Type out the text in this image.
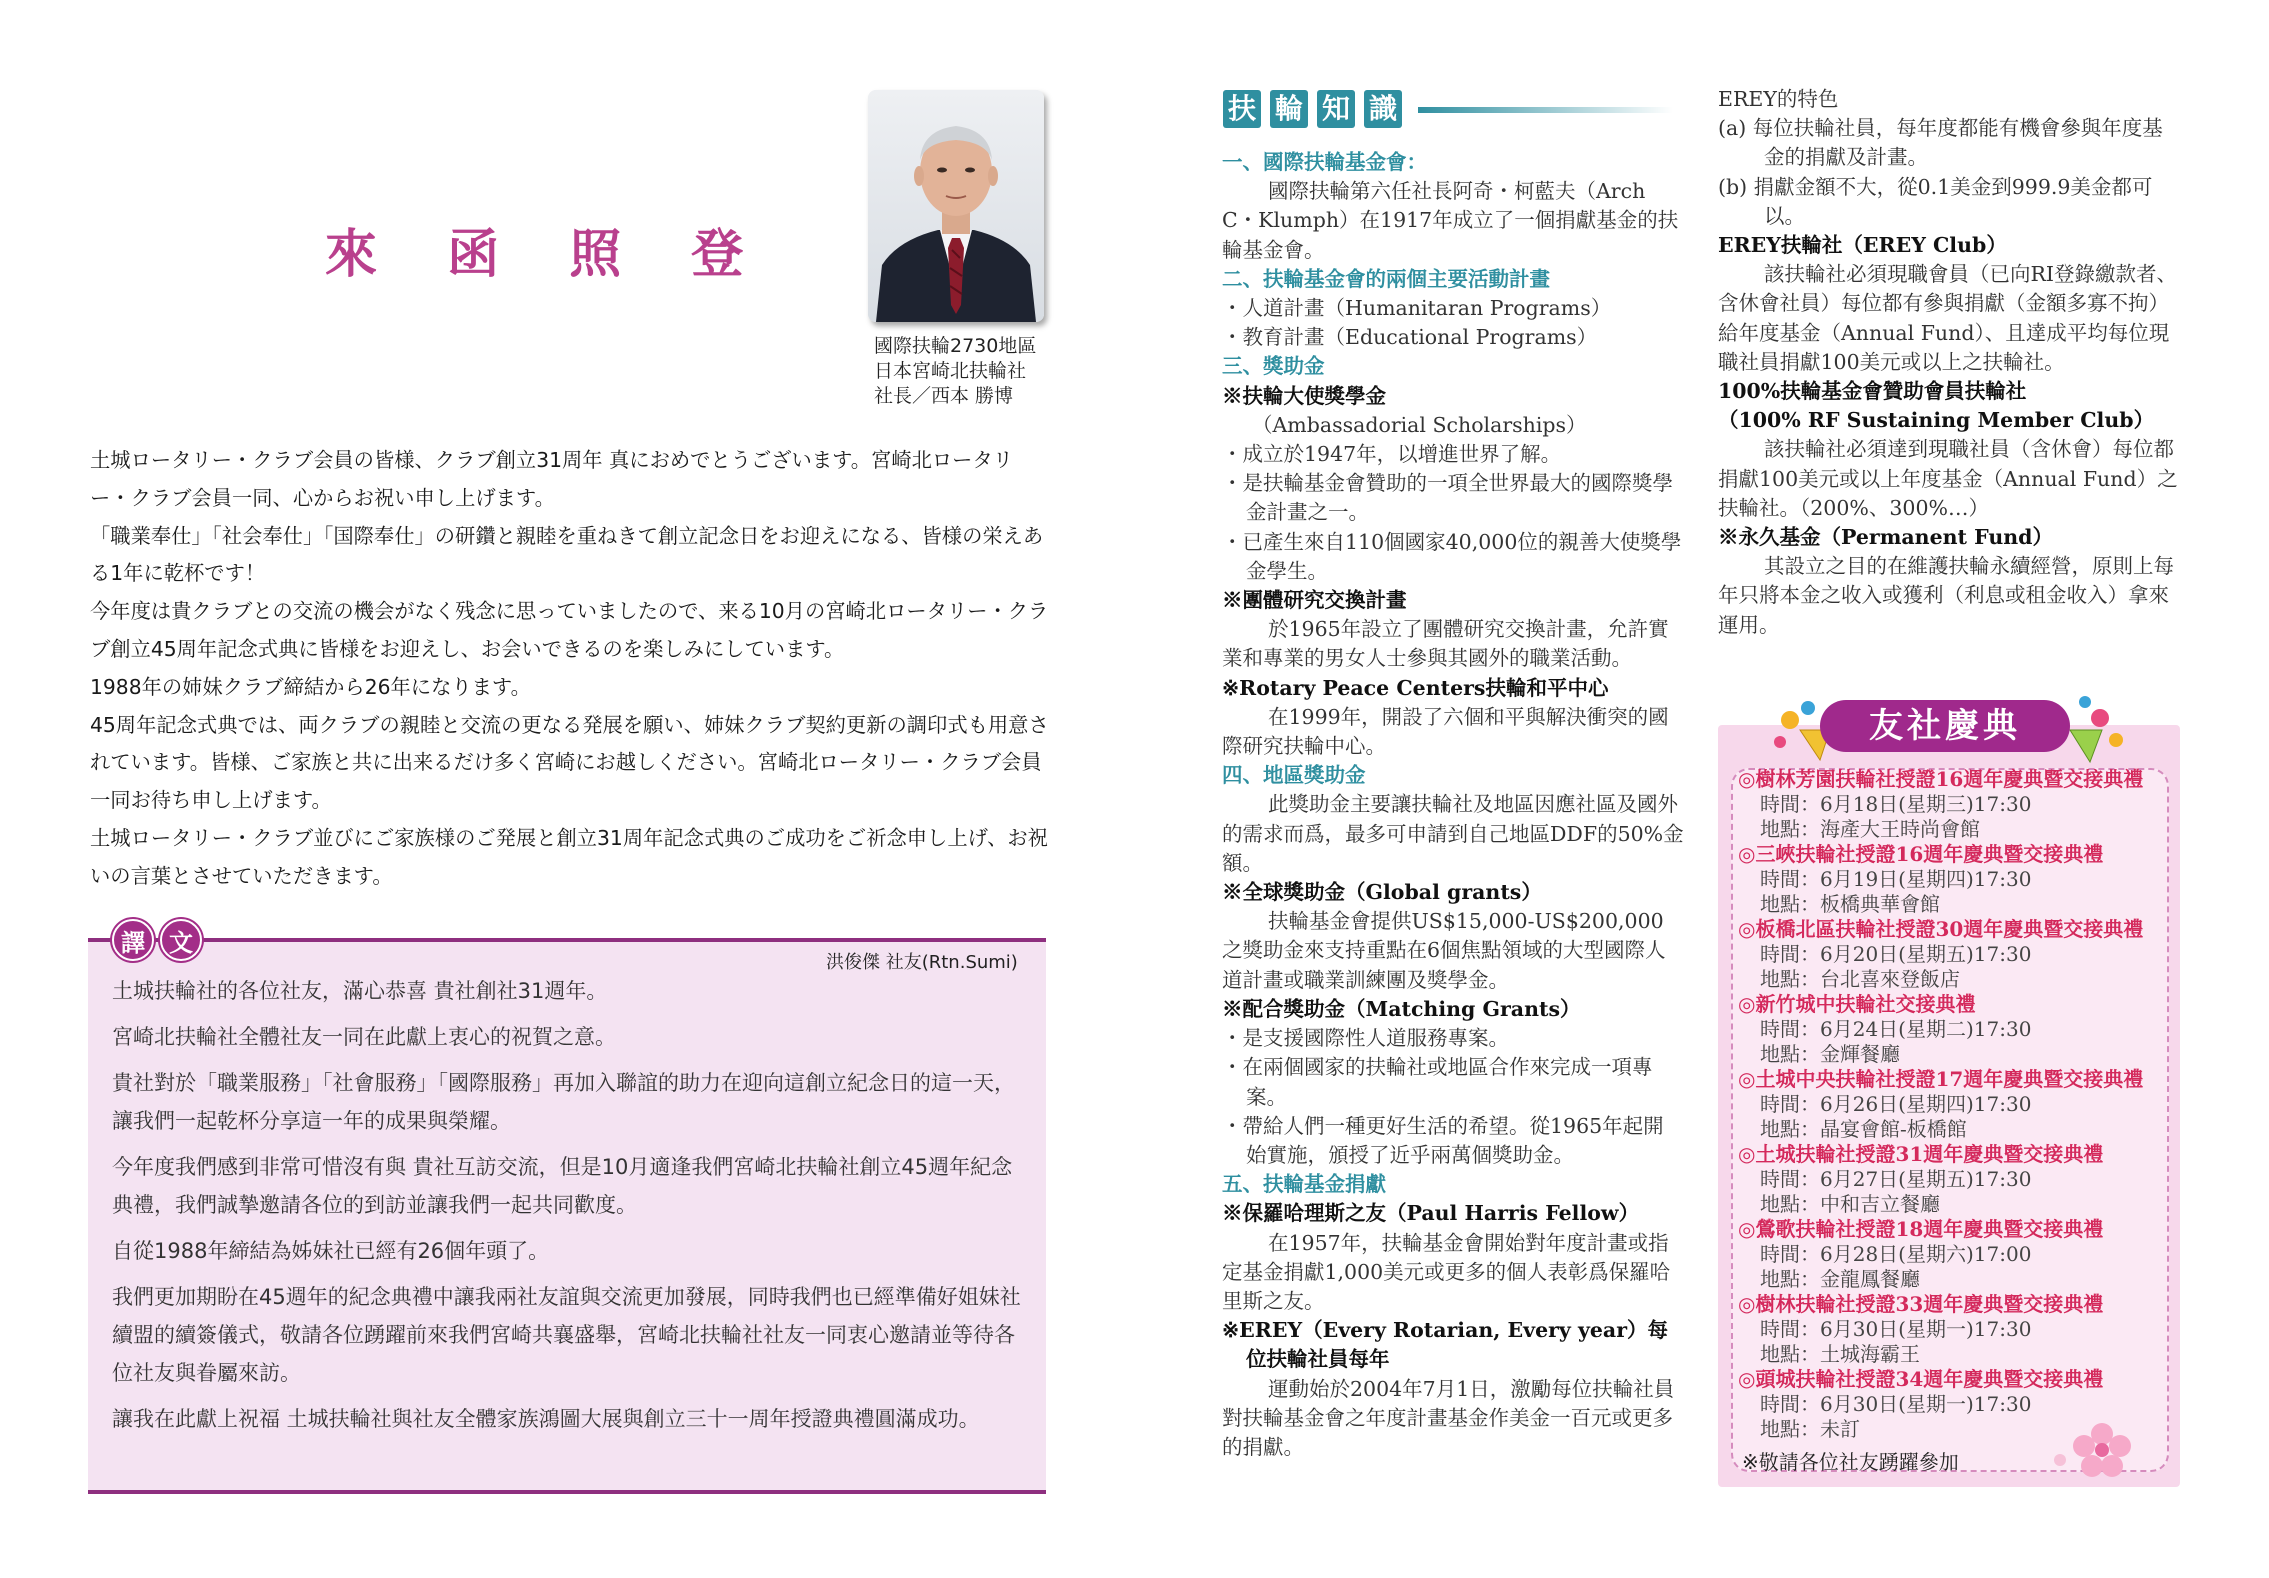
來 函 照 登
國際扶輪2730地區
日本宮崎北扶輪社
社長／西本 勝博

土城ロータリー・クラブ会員の皆様、クラブ創立31周年 真におめでとうございます。宮崎北ロータリー・クラブ会員一同、心からお祝い申し上げます。

「職業奉仕」「社会奉仕」「国際奉仕」の研鑽と親睦を重ねきて創立記念日をお迎えになる、皆様の栄えある1年に乾杯です！

今年度は貴クラブとの交流の機会がなく残念に思っていましたので、来る10月の宮崎北ロータリー・クラブ創立45周年記念式典に皆様をお迎えし、お会いできるのを楽しみにしています。

1988年の姉妹クラブ締結から26年になります。

45周年記念式典では、両クラブの親睦と交流の更なる発展を願い、姉妹クラブ契約更新の調印式も用意されています。皆様、ご家族と共に出来るだけ多く宮崎にお越しください。宮崎北ロータリー・クラブ会員一同お待ち申し上げます。

土城ロータリー・クラブ並びにご家族様のご発展と創立31周年記念式典のご成功をご祈念申し上げ、お祝いの言葉とさせていただきます。

譯	文
洪俊傑 社友(Rtn.Sumi)

土城扶輪社的各位社友，滿心恭喜 貴社創社31週年。

宮崎北扶輪社全體社友一同在此獻上衷心的祝賀之意。

貴社對於「職業服務」「社會服務」「國際服務」再加入聯誼的助力在迎向這創立紀念日的這一天，讓我們一起乾杯分享這一年的成果與榮耀。

今年度我們感到非常可惜沒有與 貴社互訪交流，但是10月適逢我們宮崎北扶輪社創立45週年紀念典禮，我們誠摯邀請各位的到訪並讓我們一起共同歡度。

自從1988年締結為姊妹社已經有26個年頭了。

我們更加期盼在45週年的紀念典禮中讓我兩社友誼與交流更加發展，同時我們也已經準備好姐妹社續盟的續簽儀式，敬請各位踴躍前來我們宮崎共襄盛舉，宮崎北扶輪社社友一同衷心邀請並等待各位社友與眷屬來訪。

讓我在此獻上祝福 土城扶輪社與社友全體家族鴻圖大展與創立三十一周年授證典禮圓滿成功。

扶 輪 知 識

一、國際扶輪基金會：

國際扶輪第六任社長阿奇・柯藍夫（Arch C・Klumph）在1917年成立了一個捐獻基金的扶輪基金會。

二、扶輪基金會的兩個主要活動計畫

・人道計畫（Humanitaran Programs）

・教育計畫（Educational Programs）

三、獎助金

※扶輪大使獎學金

（Ambassadorial Scholarships）

・成立於1947年，以增進世界了解。

・是扶輪基金會贊助的一項全世界最大的國際獎學金計畫之一。

・已產生來自110個國家40,000位的親善大使獎學金學生。

※團體研究交換計畫

於1965年設立了團體研究交換計畫，允許實業和專業的男女人士參與其國外的職業活動。

※Rotary Peace Centers扶輪和平中心

在1999年，開設了六個和平與解決衝突的國際研究扶輪中心。

四、地區獎助金

此獎助金主要讓扶輪社及地區因應社區及國外的需求而爲，最多可申請到自己地區DDF的50%金額。

※全球獎助金（Global grants）

扶輪基金會提供US$15,000-US$200,000之獎助金來支持重點在6個焦點領域的大型國際人道計畫或職業訓練團及獎學金。

※配合獎助金（Matching Grants）

・是支援國際性人道服務專案。

・在兩個國家的扶輪社或地區合作來完成一項專案。

・帶給人們一種更好生活的希望。從1965年起開始實施，頒授了近乎兩萬個獎助金。

五、扶輪基金捐獻

※保羅哈理斯之友（Paul Harris Fellow）

在1957年，扶輪基金會開始對年度計畫或指定基金捐獻1,000美元或更多的個人表彰爲保羅哈里斯之友。

※EREY（Every Rotarian, Every year）每位扶輪社員每年

運動始於2004年7月1日，激勵每位扶輪社員對扶輪基金會之年度計畫基金作美金一百元或更多的捐獻。

EREY的特色

(a) 每位扶輪社員，每年度都能有機會參與年度基金的捐獻及計畫。

(b) 捐獻金額不大，從0.1美金到999.9美金都可以。

EREY扶輪社（EREY Club）

該扶輪社必須現職會員（已向RI登錄繳款者、含休會社員）每位都有參與捐獻（金額多寡不拘）給年度基金（Annual Fund）、且達成平均每位現職社員捐獻100美元或以上之扶輪社。

100%扶輪基金會贊助會員扶輪社

（100% RF Sustaining Member Club）

該扶輪社必須達到現職社員（含休會）每位都捐獻100美元或以上年度基金（Annual Fund）之扶輪社。（200%、300%…）

※永久基金（Permanent Fund）

其設立之目的在維護扶輪永續經營，原則上每年只將本金之收入或獲利（利息或租金收入）拿來運用。

友社慶典
◎樹林芳園扶輪社授證16週年慶典暨交接典禮
時間：6月18日(星期三)17:30
地點：海產大王時尚會館
◎三峽扶輪社授證16週年慶典暨交接典禮
時間：6月19日(星期四)17:30
地點：板橋典華會館
◎板橋北區扶輪社授證30週年慶典暨交接典禮
時間：6月20日(星期五)17:30
地點：台北喜來登飯店
◎新竹城中扶輪社交接典禮
時間：6月24日(星期二)17:30
地點：金輝餐廳
◎土城中央扶輪社授證17週年慶典暨交接典禮
時間：6月26日(星期四)17:30
地點：晶宴會館-板橋館
◎土城扶輪社授證31週年慶典暨交接典禮
時間：6月27日(星期五)17:30
地點：中和吉立餐廳
◎鶯歌扶輪社授證18週年慶典暨交接典禮
時間：6月28日(星期六)17:00
地點：金龍鳳餐廳
◎樹林扶輪社授證33週年慶典暨交接典禮
時間：6月30日(星期一)17:30
地點：土城海霸王
◎頭城扶輪社授證34週年慶典暨交接典禮
時間：6月30日(星期一)17:30
地點：未訂
※敬請各位社友踴躍參加
